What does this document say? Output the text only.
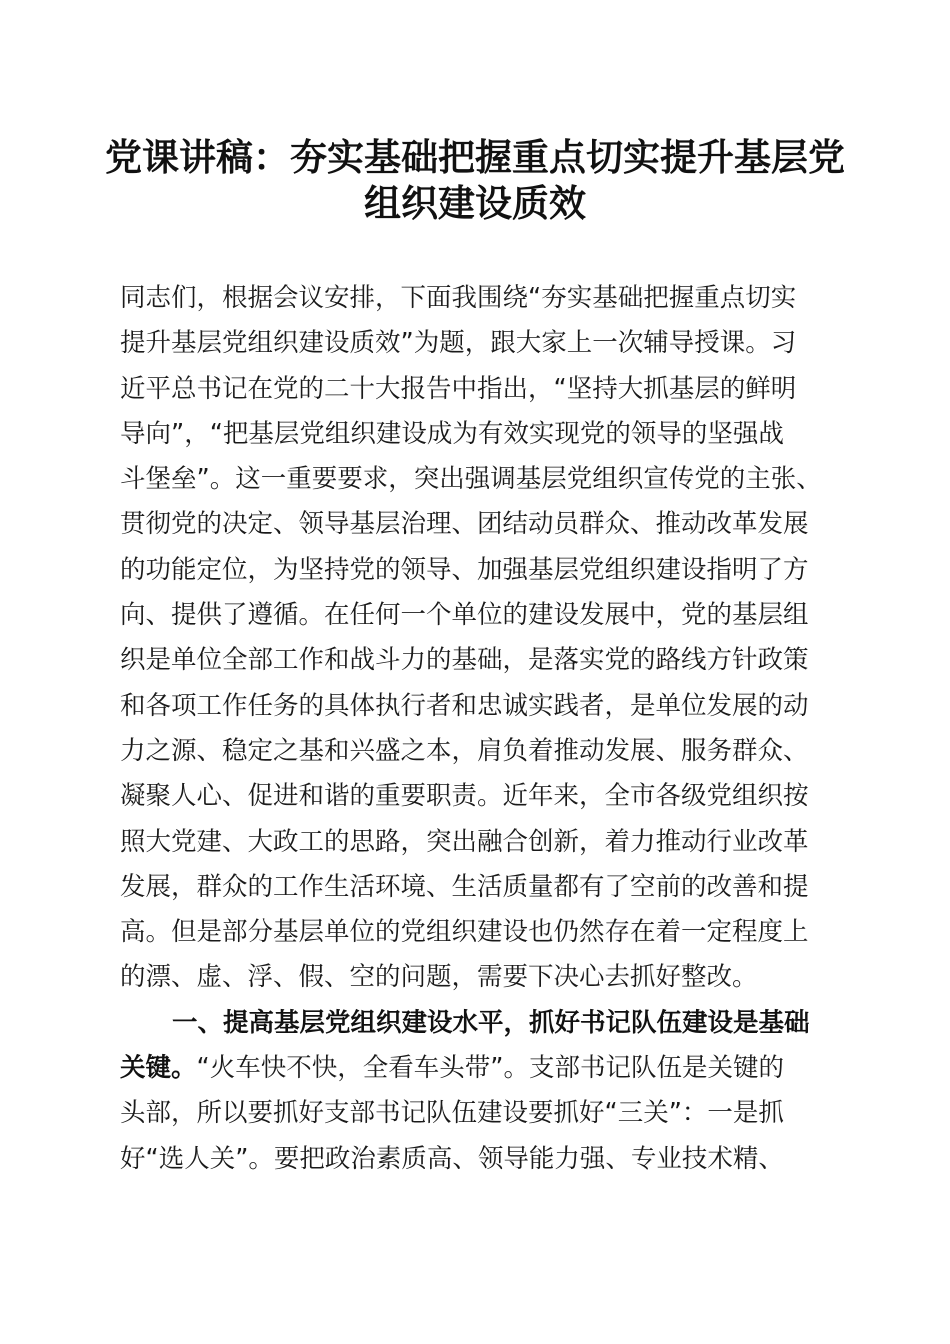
党课讲稿：夯实基础把握重点切实提升基层党
组织建设质效
同志们，根据会议安排，下面我围绕“夯实基础把握重点切实
提升基层党组织建设质效”为题，跟大家上一次辅导授课。习
近平总书记在党的二十大报告中指出，“坚持大抓基层的鲜明
导向”，“把基层党组织建设成为有效实现党的领导的坚强战
斗堡垒”。这一重要要求，突出强调基层党组织宣传党的主张、
贯彻党的决定、领导基层治理、团结动员群众、推动改革发展
的功能定位，为坚持党的领导、加强基层党组织建设指明了方
向、提供了遵循。在任何一个单位的建设发展中，党的基层组
织是单位全部工作和战斗力的基础，是落实党的路线方针政策
和各项工作任务的具体执行者和忠诚实践者，是单位发展的动
力之源、稳定之基和兴盛之本，肩负着推动发展、服务群众、
凝聚人心、促进和谐的重要职责。近年来，全市各级党组织按
照大党建、大政工的思路，突出融合创新，着力推动行业改革
发展，群众的工作生活环境、生活质量都有了空前的改善和提
高。但是部分基层单位的党组织建设也仍然存在着一定程度上
的漂、虚、浮、假、空的问题，需要下决心去抓好整改。
一、提高基层党组织建设水平，抓好书记队伍建设是基础
关键。“火车快不快，全看车头带”。支部书记队伍是关键的
头部，所以要抓好支部书记队伍建设要抓好“三关”：一是抓
好“选人关”。要把政治素质高、领导能力强、专业技术精、
